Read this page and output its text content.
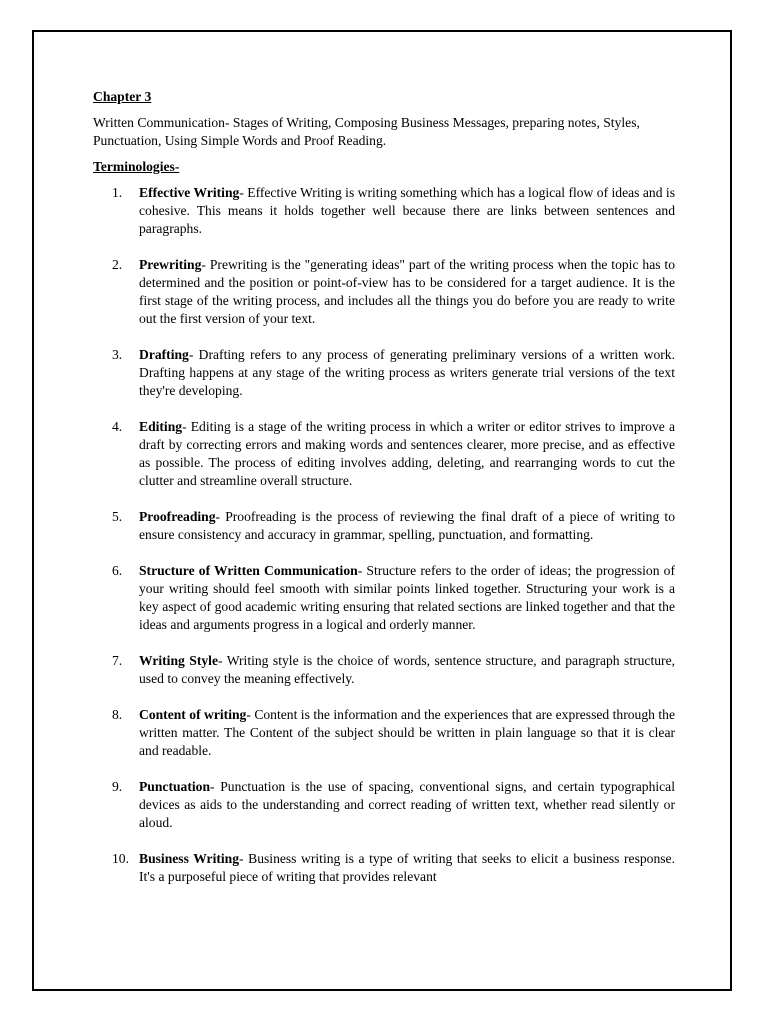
Chapter 3
Written Communication- Stages of Writing, Composing Business Messages, preparing notes, Styles, Punctuation, Using Simple Words and Proof Reading.
Terminologies-
1. Effective Writing- Effective Writing is writing something which has a logical flow of ideas and is cohesive. This means it holds together well because there are links between sentences and paragraphs.
2. Prewriting- Prewriting is the "generating ideas" part of the writing process when the topic has to determined and the position or point-of-view has to be considered for a target audience. It is the first stage of the writing process, and includes all the things you do before you are ready to write out the first version of your text.
3. Drafting- Drafting refers to any process of generating preliminary versions of a written work. Drafting happens at any stage of the writing process as writers generate trial versions of the text they're developing.
4. Editing- Editing is a stage of the writing process in which a writer or editor strives to improve a draft by correcting errors and making words and sentences clearer, more precise, and as effective as possible. The process of editing involves adding, deleting, and rearranging words to cut the clutter and streamline overall structure.
5. Proofreading- Proofreading is the process of reviewing the final draft of a piece of writing to ensure consistency and accuracy in grammar, spelling, punctuation, and formatting.
6. Structure of Written Communication- Structure refers to the order of ideas; the progression of your writing should feel smooth with similar points linked together. Structuring your work is a key aspect of good academic writing ensuring that related sections are linked together and that the ideas and arguments progress in a logical and orderly manner.
7. Writing Style- Writing style is the choice of words, sentence structure, and paragraph structure, used to convey the meaning effectively.
8. Content of writing- Content is the information and the experiences that are expressed through the written matter. The Content of the subject should be written in plain language so that it is clear and readable.
9. Punctuation- Punctuation is the use of spacing, conventional signs, and certain typographical devices as aids to the understanding and correct reading of written text, whether read silently or aloud.
10. Business Writing- Business writing is a type of writing that seeks to elicit a business response. It's a purposeful piece of writing that provides relevant
